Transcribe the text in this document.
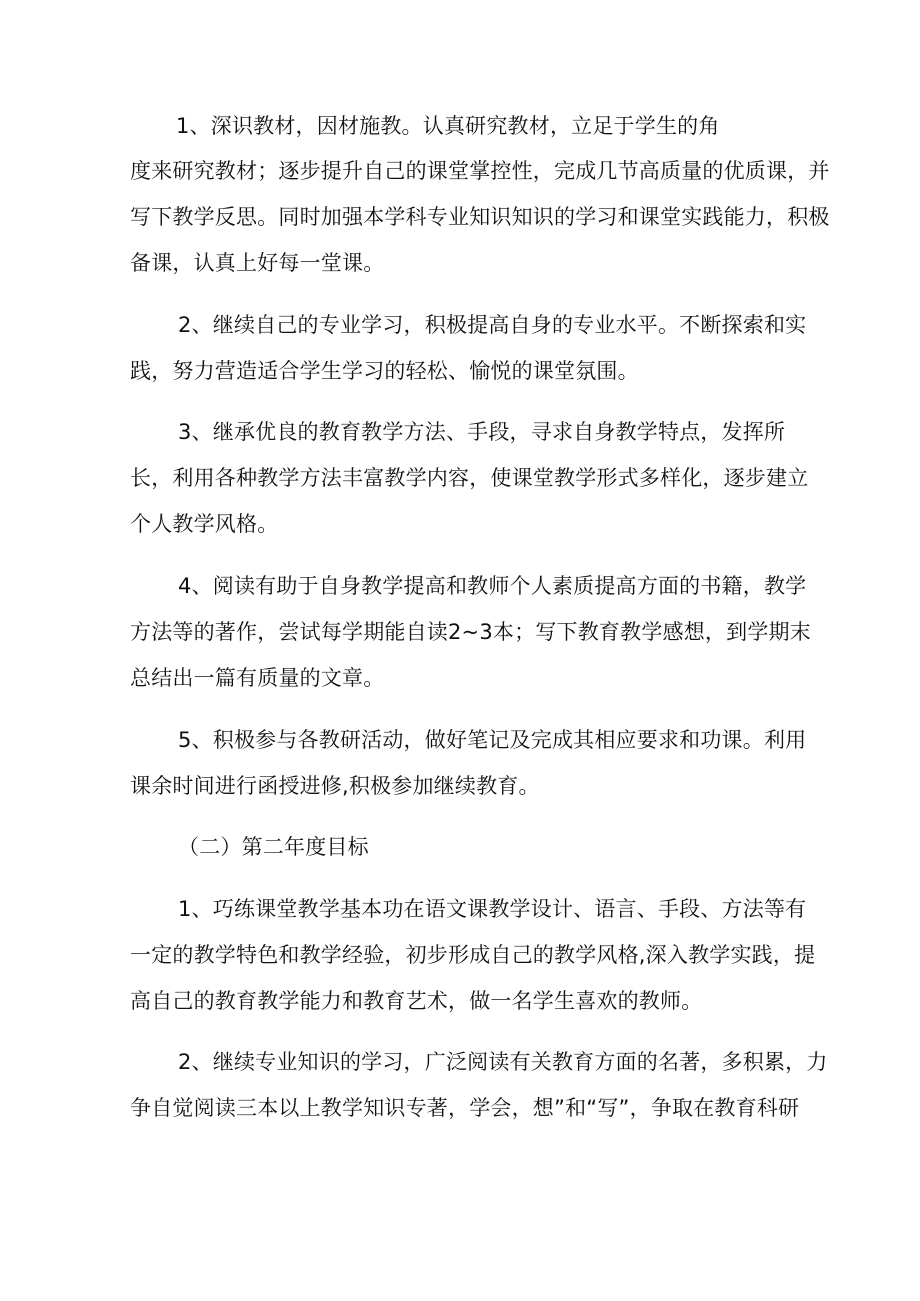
1、深识教材，因材施教。认真研究教材，立足于学生的角
度来研究教材；逐步提升自己的课堂掌控性，完成几节高质量的优质课，并
写下教学反思。同时加强本学科专业知识知识的学习和课堂实践能力，积极
备课，认真上好每一堂课。
2、继续自己的专业学习，积极提高自身的专业水平。不断探索和实
践，努力营造适合学生学习的轻松、愉悦的课堂氛围。
3、继承优良的教育教学方法、手段，寻求自身教学特点，发挥所
长，利用各种教学方法丰富教学内容，使课堂教学形式多样化，逐步建立
个人教学风格。
4、阅读有助于自身教学提高和教师个人素质提高方面的书籍，教学
方法等的著作，尝试每学期能自读2~3本；写下教育教学感想，到学期末
总结出一篇有质量的文章。
5、积极参与各教研活动，做好笔记及完成其相应要求和功课。利用
课余时间进行函授进修,积极参加继续教育。
（二）第二年度目标
1、巧练课堂教学基本功在语文课教学设计、语言、手段、方法等有
一定的教学特色和教学经验，初步形成自己的教学风格,深入教学实践，提
高自己的教育教学能力和教育艺术，做一名学生喜欢的教师。
2、继续专业知识的学习，广泛阅读有关教育方面的名著，多积累，力
争自觉阅读三本以上教学知识专著，学会，想”和“写”，争取在教育科研
